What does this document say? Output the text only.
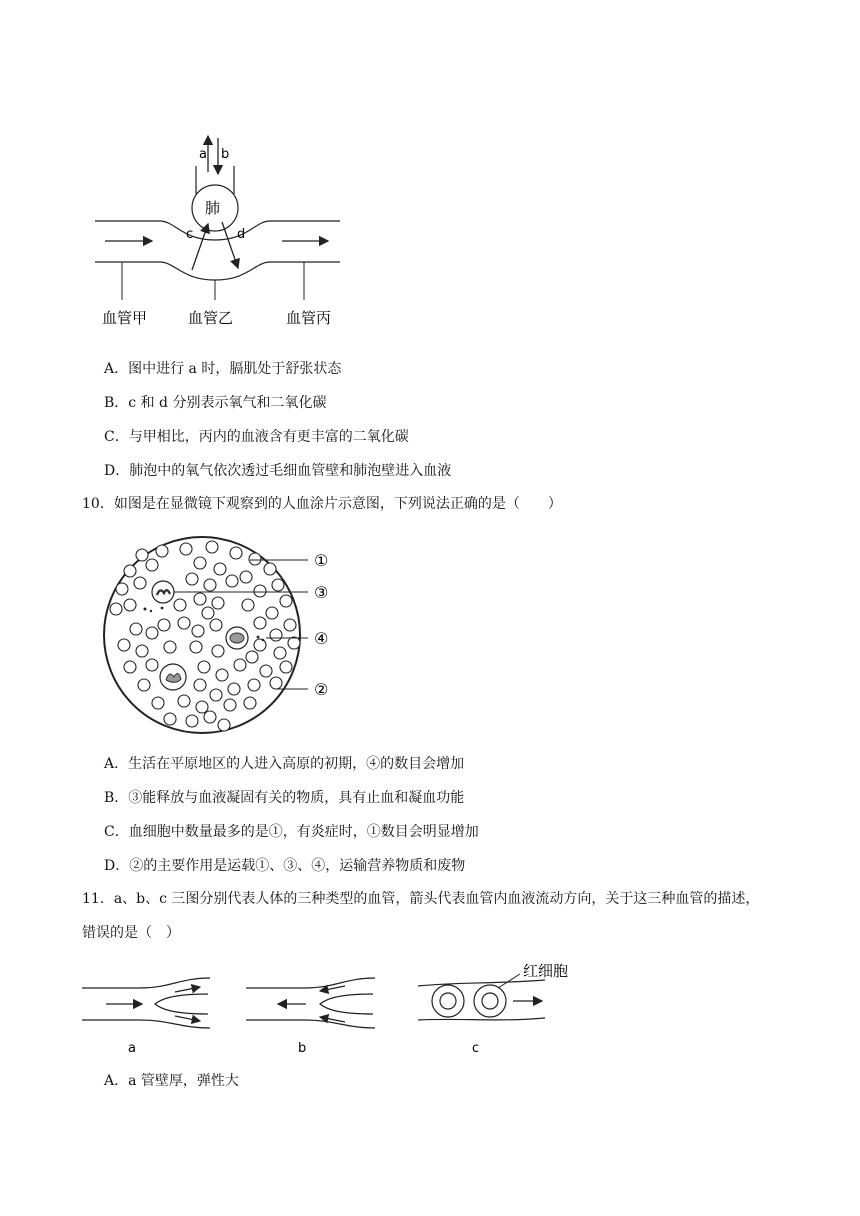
a b
肺
c	d
血管甲	血管乙	血管丙
A．图中进行 a 时，膈肌处于舒张状态
B．c 和 d 分别表示氧气和二氧化碳
C．与甲相比，丙内的血液含有更丰富的二氧化碳
D．肺泡中的氧气依次透过毛细血管壁和肺泡壁进入血液
10．如图是在显微镜下观察到的人血涂片示意图，下列说法正确的是（　　）
①
③
④
②
A．生活在平原地区的人进入高原的初期，④的数目会增加
B．③能释放与血液凝固有关的物质，具有止血和凝血功能
C．血细胞中数量最多的是①，有炎症时，①数目会明显增加
D．②的主要作用是运载①、③、④，运输营养物质和废物
11．a、b、c 三图分别代表人体的三种类型的血管，箭头代表血管内血液流动方向，关于这三种血管的描述，
错误的是（　）
a	b
红细胞
c
A．a 管壁厚，弹性大
